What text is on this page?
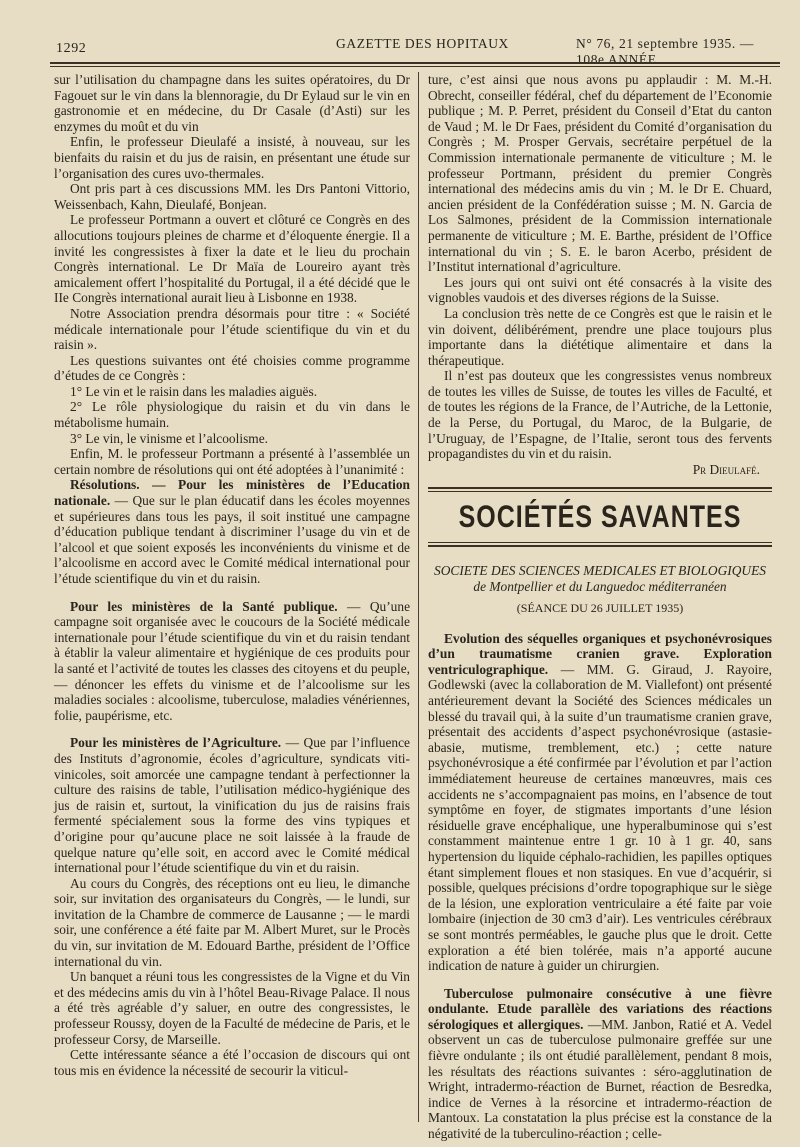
1292	GAZETTE DES HOPITAUX	N° 76, 21 septembre 1935. — 108e ANNÉE.

sur l’utilisation du champagne dans les suites opératoires, du Dr Fagouet sur le vin dans la blennoragie, du Dr Eylaud sur le vin en gastronomie et en médecine, du Dr Casale (d’Asti) sur les enzymes du moût et du vin

Enfin, le professeur Dieulafé a insisté, à nouveau, sur les bienfaits du raisin et du jus de raisin, en présentant une étude sur l’organisation des cures uvo-thermales.

Ont pris part à ces discussions MM. les Drs Pantoni Vittorio, Weissenbach, Kahn, Dieulafé, Bonjean.

Le professeur Portmann a ouvert et clôturé ce Congrès en des allocutions toujours pleines de charme et d’éloquente énergie. Il a invité les congressistes à fixer la date et le lieu du prochain Congrès international. Le Dr Maïa de Loureiro ayant très amicalement offert l’hospitalité du Portugal, il a été décidé que le IIe Congrès international aurait lieu à Lisbonne en 1938.

Notre Association prendra désormais pour titre : « Société médicale internationale pour l’étude scientifique du vin et du raisin ».

Les questions suivantes ont été choisies comme programme d’études de ce Congrès :

1° Le vin et le raisin dans les maladies aiguës.

2° Le rôle physiologique du raisin et du vin dans le métabolisme humain.

3° Le vin, le vinisme et l’alcoolisme.

Enfin, M. le professeur Portmann a présenté à l’assemblée un certain nombre de résolutions qui ont été adoptées à l’unanimité :

Résolutions. — Pour les ministères de l’Education nationale. — Que sur le plan éducatif dans les écoles moyennes et supérieures dans tous les pays, il soit institué une campagne d’éducation publique tendant à discriminer l’usage du vin et de l’alcool et que soient exposés les inconvénients du vinisme et de l’alcoolisme en accord avec le Comité médical international pour l’étude scientifique du vin et du raisin.

Pour les ministères de la Santé publique. — Qu’une campagne soit organisée avec le coucours de la Société médicale internationale pour l’étude scientifique du vin et du raisin tendant à établir la valeur alimentaire et hygiénique de ces produits pour la santé et l’activité de toutes les classes des citoyens et du peuple, — dénoncer les effets du vinisme et de l’alcoolisme sur les maladies sociales : alcoolisme, tuberculose, maladies vénériennes, folie, paupérisme, etc.

Pour les ministères de l’Agriculture. — Que par l’influence des Instituts d’agronomie, écoles d’agriculture, syndicats viti-vinicoles, soit amorcée une campagne tendant à perfectionner la culture des raisins de table, l’utilisation médico-hygiénique des jus de raisin et, surtout, la vinification du jus de raisins frais fermenté spécialement sous la forme des vins typiques et d’origine pour qu’aucune place ne soit laissée à la fraude de quelque nature qu’elle soit, en accord avec le Comité médical international pour l’étude scientifique du vin et du raisin.

Au cours du Congrès, des réceptions ont eu lieu, le dimanche soir, sur invitation des organisateurs du Congrès, — le lundi, sur invitation de la Chambre de commerce de Lausanne ; — le mardi soir, une conférence a été faite par M. Albert Muret, sur le Procès du vin, sur invitation de M. Edouard Barthe, président de l’Office international du vin.

Un banquet a réuni tous les congressistes de la Vigne et du Vin et des médecins amis du vin à l’hôtel Beau-Rivage Palace. Il nous a été très agréable d’y saluer, en outre des congressistes, le professeur Roussy, doyen de la Faculté de médecine de Paris, et le professeur Corsy, de Marseille.

Cette intéressante séance a été l’occasion de discours qui ont tous mis en évidence la nécessité de secourir la viticul-

ture, c’est ainsi que nous avons pu applaudir : M. M.-H. Obrecht, conseiller fédéral, chef du département de l’Economie publique ; M. P. Perret, président du Conseil d’Etat du canton de Vaud ; M. le Dr Faes, président du Comité d’organisation du Congrès ; M. Prosper Gervais, secrétaire perpétuel de la Commission internationale permanente de viticulture ; M. le professeur Portmann, président du premier Congrès international des médecins amis du vin ; M. le Dr E. Chuard, ancien président de la Confédération suisse ; M. N. Garcia de Los Salmones, président de la Commission internationale permanente de viticulture ; M. E. Barthe, président de l’Office international du vin ; S. E. le baron Acerbo, président de l’Institut international d’agriculture.

Les jours qui ont suivi ont été consacrés à la visite des vignobles vaudois et des diverses régions de la Suisse.

La conclusion très nette de ce Congrès est que le raisin et le vin doivent, délibérément, prendre une place toujours plus importante dans la diététique alimentaire et dans la thérapeutique.

Il n’est pas douteux que les congressistes venus nombreux de toutes les villes de Suisse, de toutes les villes de Faculté, et de toutes les régions de la France, de l’Autriche, de la Lettonie, de la Perse, du Portugal, du Maroc, de la Bulgarie, de l’Uruguay, de l’Espagne, de l’Italie, seront tous des fervents propagandistes du vin et du raisin.

Pr Dieulafé.

SOCIÉTÉS SAVANTES
SOCIETE DES SCIENCES MEDICALES ET BIOLOGIQUES de Montpellier et du Languedoc méditerranéen
(SÉANCE DU 26 JUILLET 1935)

Evolution des séquelles organiques et psychonévrosiques d’un traumatisme cranien grave. Exploration ventriculographique. — MM. G. Giraud, J. Rayoire, Godlewski (avec la collaboration de M. Viallefont) ont présenté antérieurement devant la Société des Sciences médicales un blessé du travail qui, à la suite d’un traumatisme cranien grave, présentait des accidents d’aspect psychonévrosique (astasie-abasie, mutisme, tremblement, etc.) ; cette nature psychonévrosique a été confirmée par l’évolution et par l’action immédiatement heureuse de certaines manœuvres, mais ces accidents ne s’accompagnaient pas moins, en l’absence de tout symptôme en foyer, de stigmates importants d’une lésion résiduelle grave encéphalique, une hyperalbuminose qui s’est constamment maintenue entre 1 gr. 10 à 1 gr. 40, sans hypertension du liquide céphalo-rachidien, les papilles optiques étant simplement floues et non stasiques. En vue d’acquérir, si possible, quelques précisions d’ordre topographique sur le siège de la lésion, une exploration ventriculaire a été faite par voie lombaire (injection de 30 cm3 d’air). Les ventricules cérébraux se sont montrés perméables, le gauche plus que le droit. Cette exploration a été bien tolérée, mais n’a apporté aucune indication de nature à guider un chirurgien.

Tuberculose pulmonaire consécutive à une fièvre ondulante. Etude parallèle des variations des réactions sérologiques et allergiques. —MM. Janbon, Ratié et A. Vedel observent un cas de tuberculose pulmonaire greffée sur une fièvre ondulante ; ils ont étudié parallèlement, pendant 8 mois, les résultats des réactions suivantes : séro-agglutination de Wright, intradermo-réaction de Burnet, réaction de Besredka, indice de Vernes à la résorcine et intradermo-réaction de Mantoux. La constatation la plus précise est la constance de la négativité de la tuberculino-réaction ; celle-
